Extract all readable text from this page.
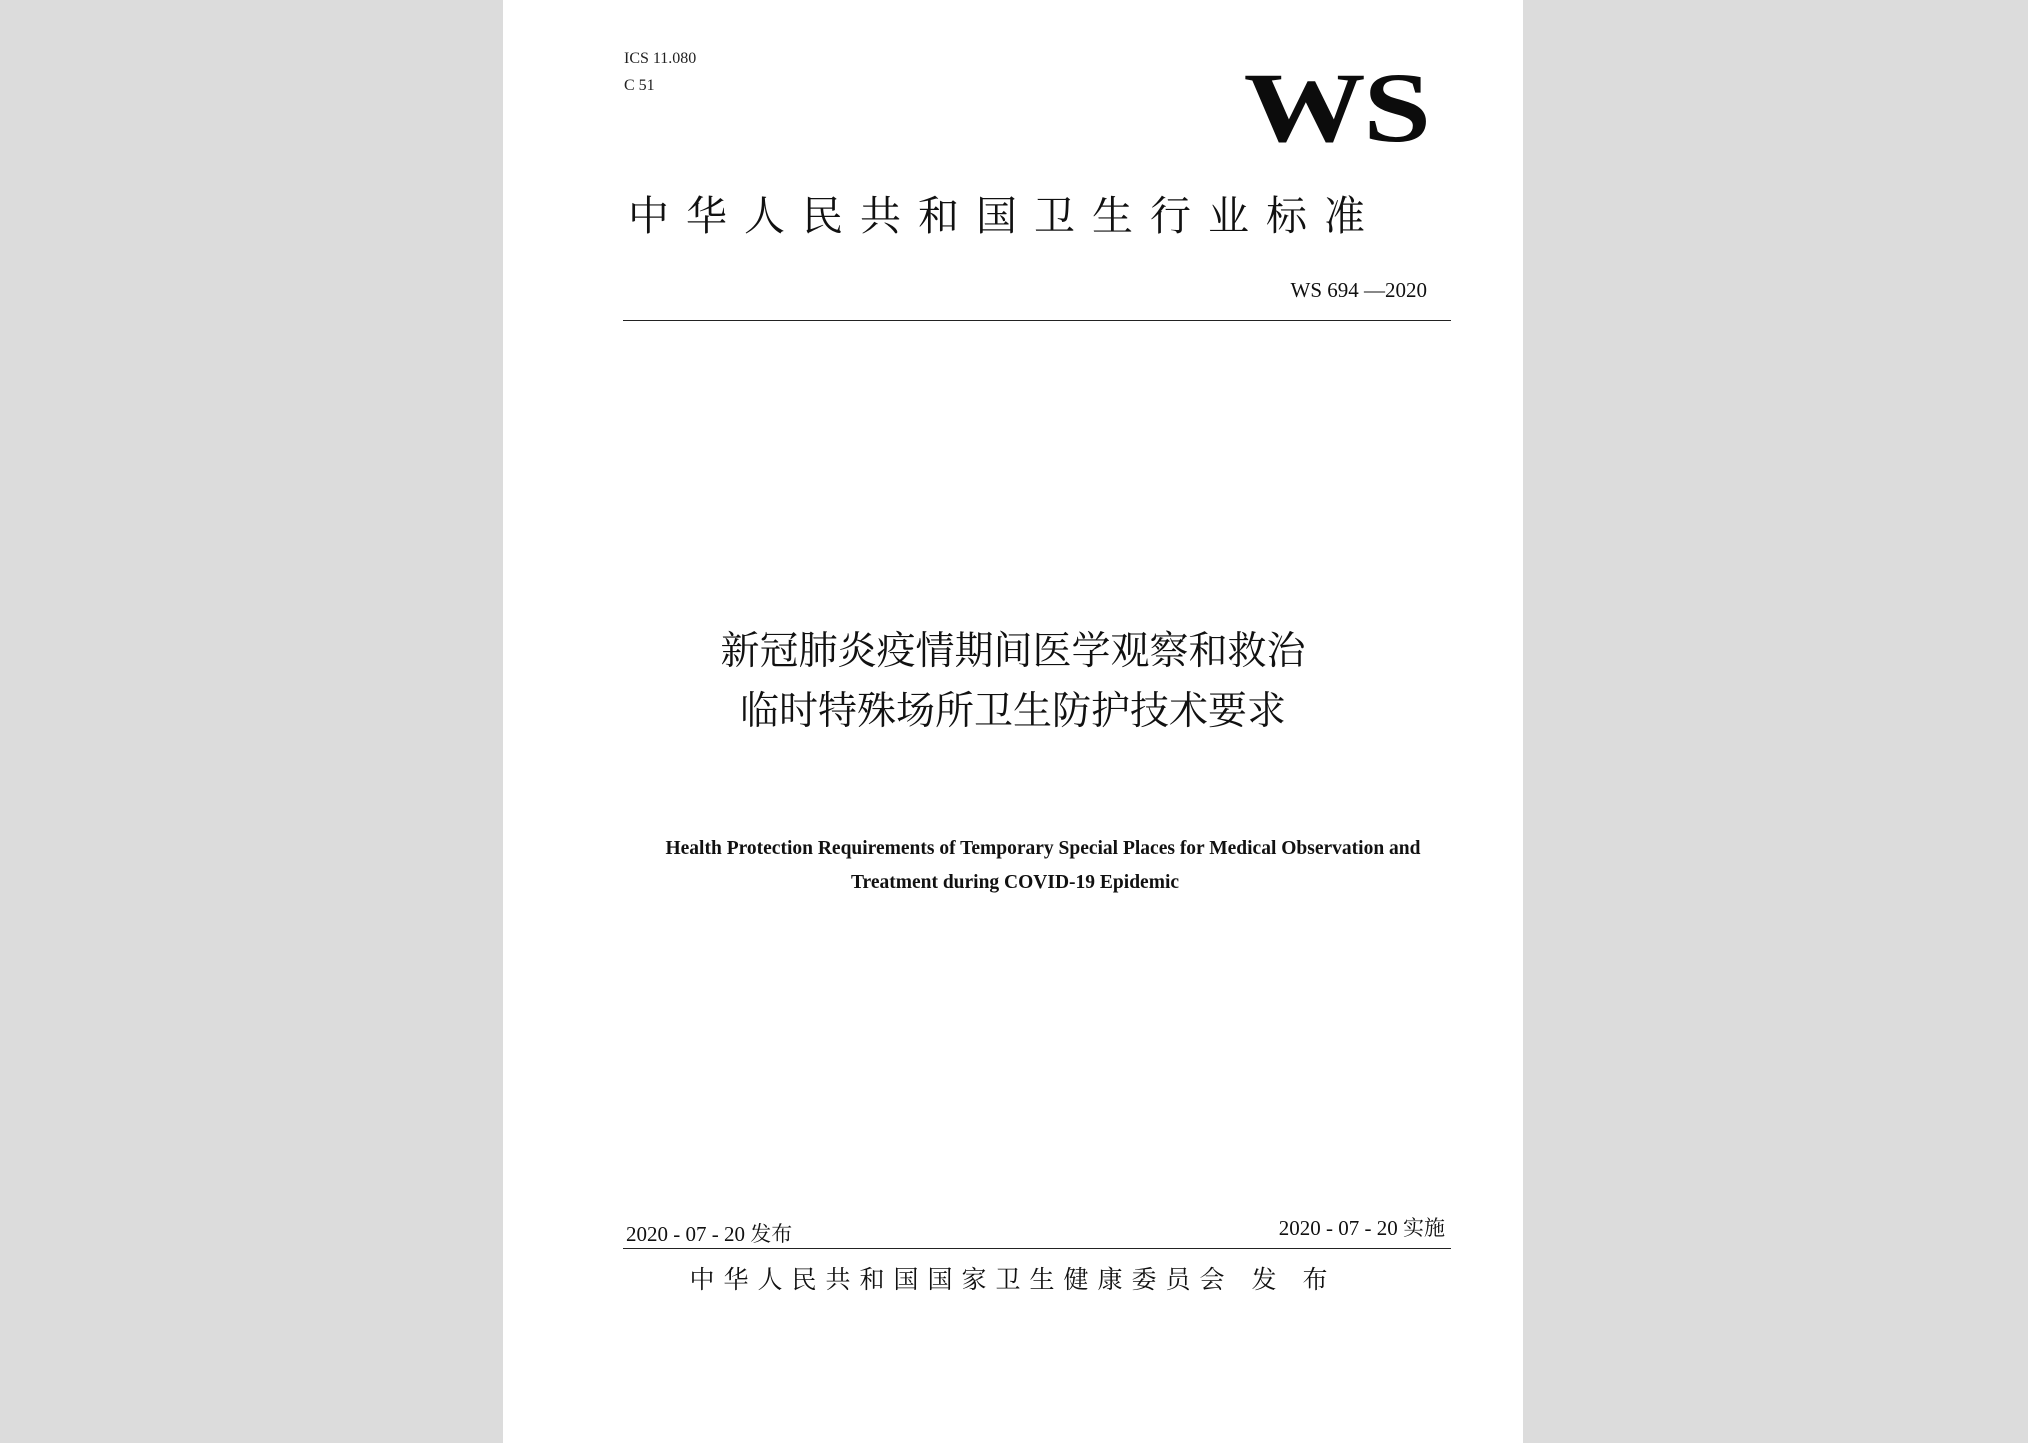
ICS 11.080
C 51	WS
中华人民共和国卫生行业标准
WS 694 —2020
新冠肺炎疫情期间医学观察和救治
临时特殊场所卫生防护技术要求
Health Protection Requirements of Temporary Special Places for Medical Observation and
Treatment during COVID-19 Epidemic
2020 - 07 - 20 发布	2020 - 07 - 20 实施
中华人民共和国国家卫生健康委员会 发 布
